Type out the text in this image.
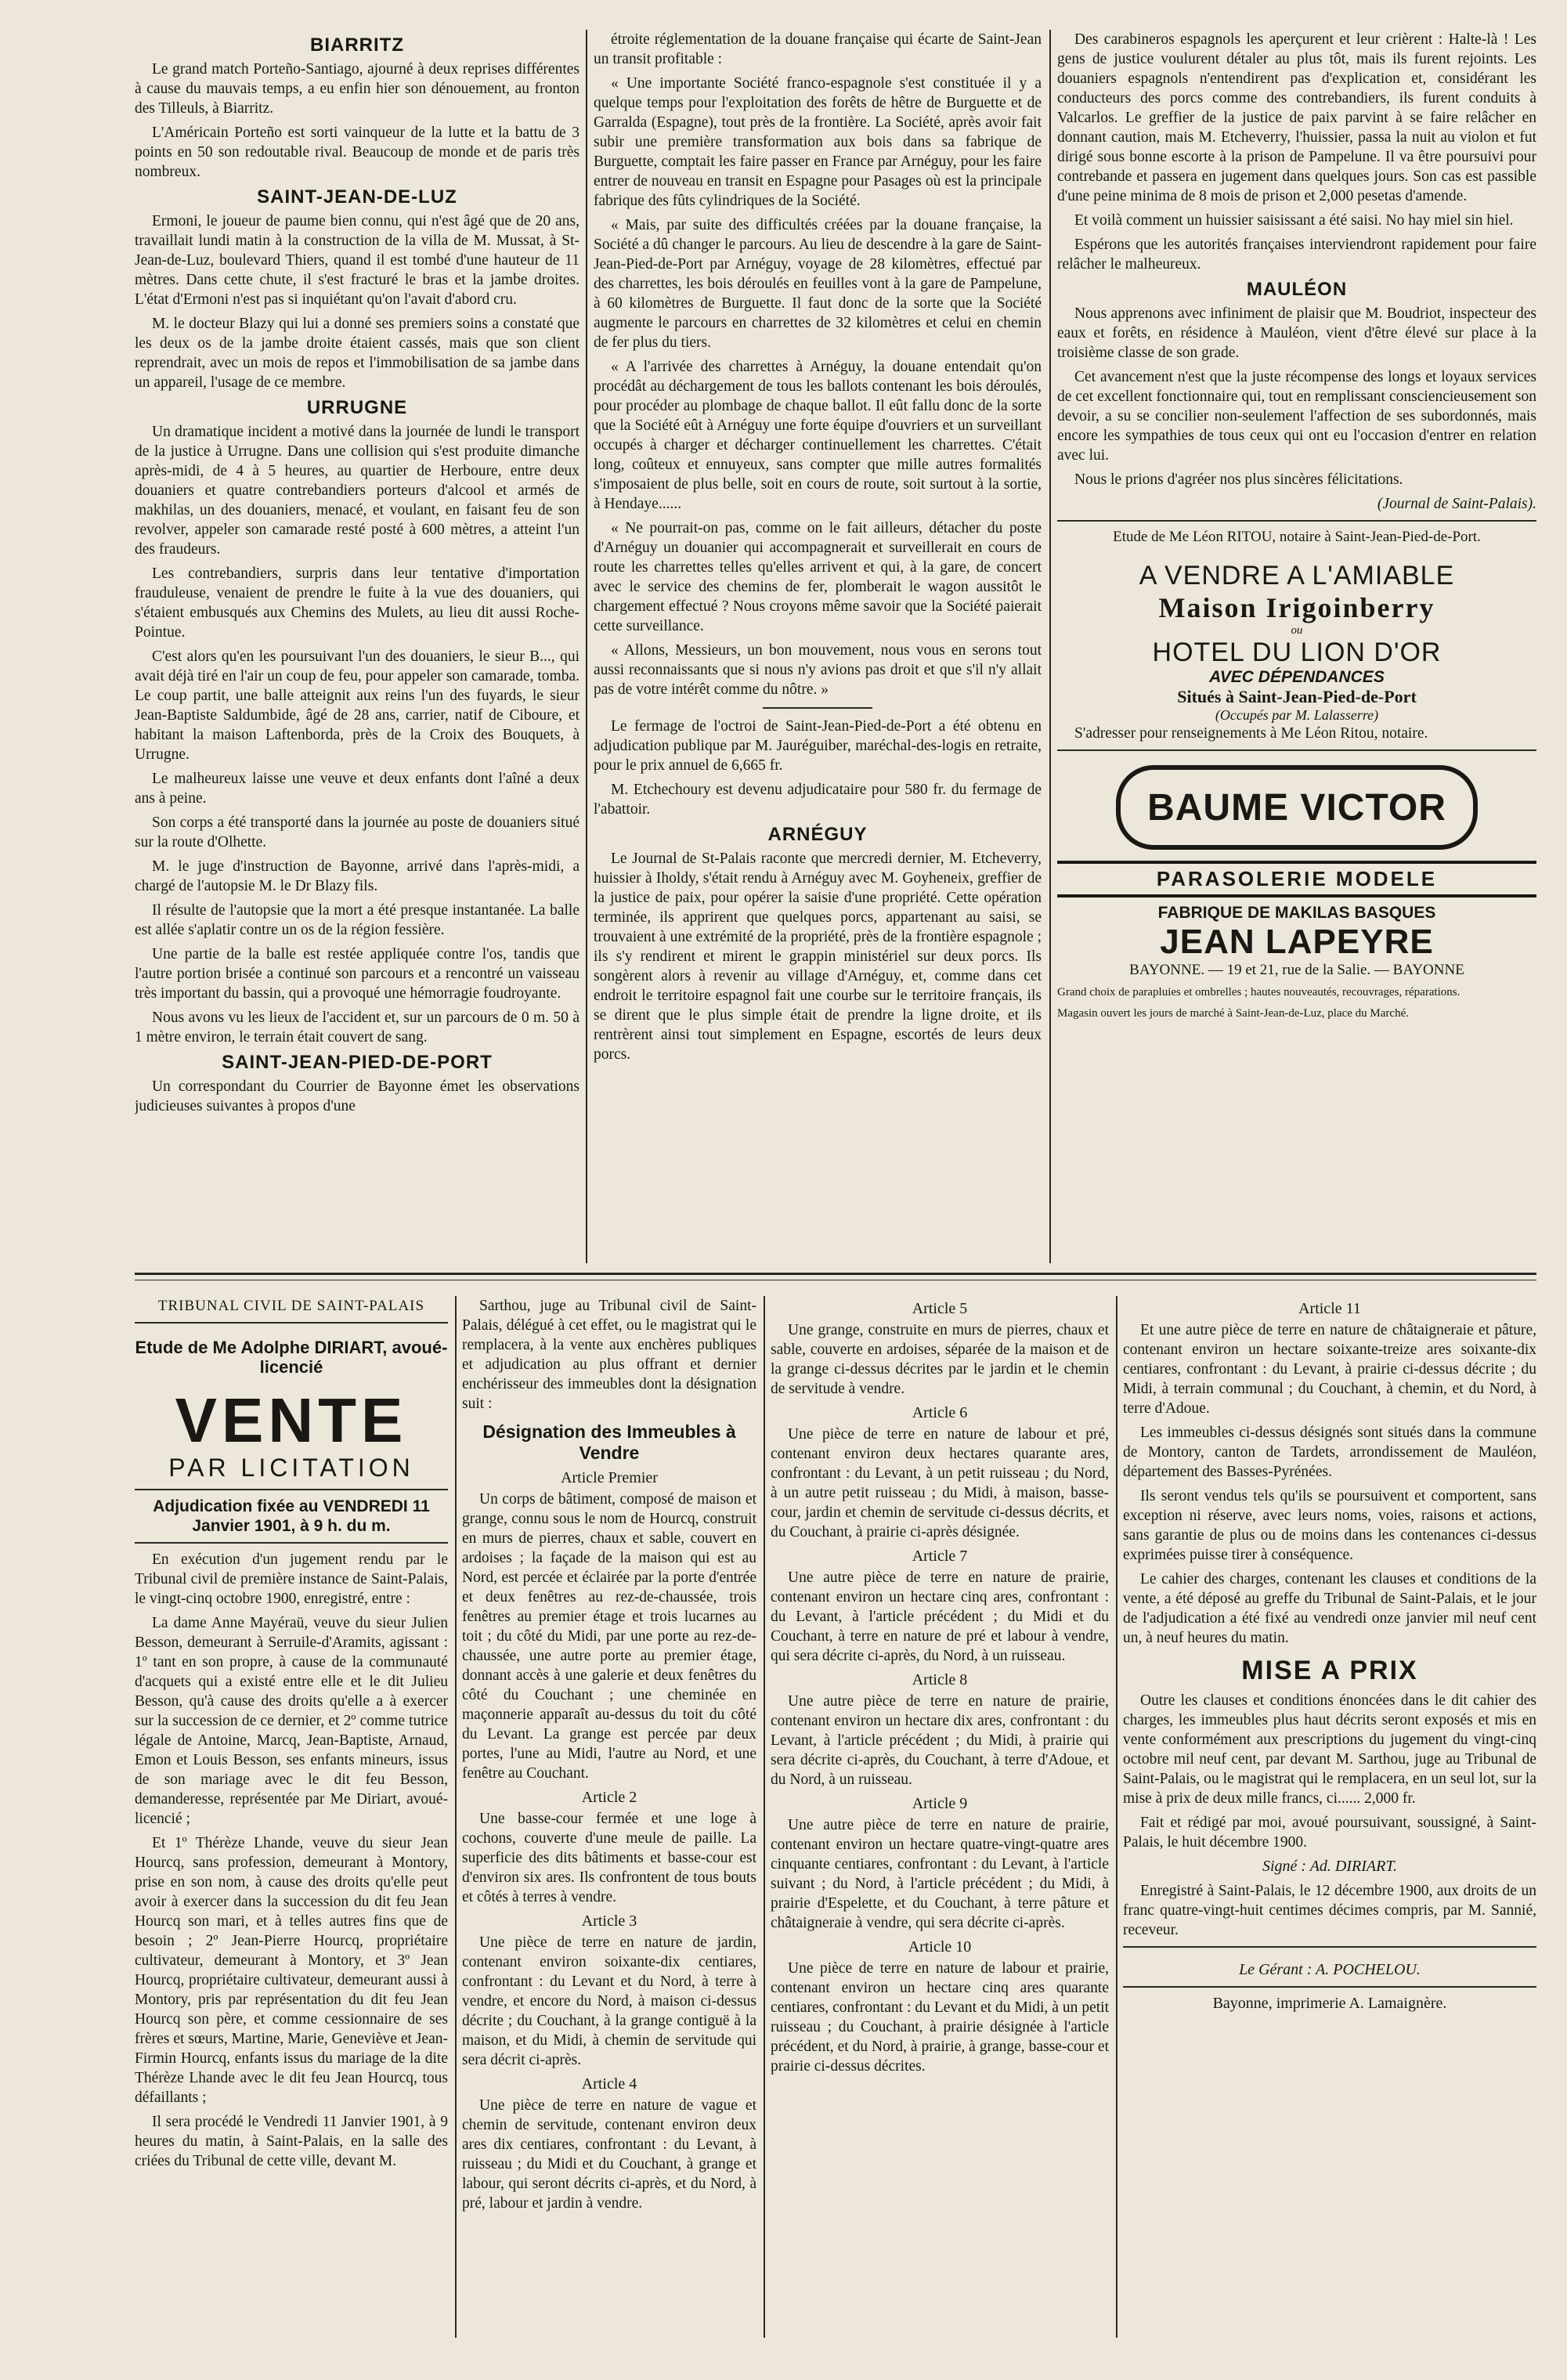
BIARRITZ

Le grand match Porteño-Santiago, ajourné à deux reprises différentes à cause du mauvais temps, a eu enfin hier son dénouement, au fronton des Tilleuls, à Biarritz.

L'Américain Porteño est sorti vainqueur de la lutte et la battu de 3 points en 50 son redoutable rival. Beaucoup de monde et de paris très nombreux.

SAINT-JEAN-DE-LUZ

Ermoni, le joueur de paume bien connu, qui n'est âgé que de 20 ans, travaillait lundi matin à la construction de la villa de M. Mussat, à St-Jean-de-Luz, boulevard Thiers, quand il est tombé d'une hauteur de 11 mètres. Dans cette chute, il s'est fracturé le bras et la jambe droites. L'état d'Ermoni n'est pas si inquiétant qu'on l'avait d'abord cru.

M. le docteur Blazy qui lui a donné ses premiers soins a constaté que les deux os de la jambe droite étaient cassés, mais que son client reprendrait, avec un mois de repos et l'immobilisation de sa jambe dans un appareil, l'usage de ce membre.

URRUGNE

Un dramatique incident a motivé dans la journée de lundi le transport de la justice à Urrugne. Dans une collision qui s'est produite dimanche après-midi, de 4 à 5 heures, au quartier de Herboure, entre deux douaniers et quatre contrebandiers porteurs d'alcool et armés de makhilas, un des douaniers, menacé, et voulant, en faisant feu de son revolver, appeler son camarade resté posté à 600 mètres, a atteint l'un des fraudeurs.

Les contrebandiers, surpris dans leur tentative d'importation frauduleuse, venaient de prendre le fuite à la vue des douaniers, qui s'étaient embusqués aux Chemins des Mulets, au lieu dit aussi Roche-Pointue.

C'est alors qu'en les poursuivant l'un des douaniers, le sieur B..., qui avait déjà tiré en l'air un coup de feu, pour appeler son camarade, tomba. Le coup partit, une balle atteignit aux reins l'un des fuyards, le sieur Jean-Baptiste Saldumbide, âgé de 28 ans, carrier, natif de Ciboure, et habitant la maison Laftenborda, près de la Croix des Bouquets, à Urrugne.

Le malheureux laisse une veuve et deux enfants dont l'aîné a deux ans à peine.

Son corps a été transporté dans la journée au poste de douaniers situé sur la route d'Olhette.

M. le juge d'instruction de Bayonne, arrivé dans l'après-midi, a chargé de l'autopsie M. le Dr Blazy fils.

Il résulte de l'autopsie que la mort a été presque instantanée. La balle est allée s'aplatir contre un os de la région fessière.

Une partie de la balle est restée appliquée contre l'os, tandis que l'autre portion brisée a continué son parcours et a rencontré un vaisseau très important du bassin, qui a provoqué une hémorragie foudroyante.

Nous avons vu les lieux de l'accident et, sur un parcours de 0 m. 50 à 1 mètre environ, le terrain était couvert de sang.

SAINT-JEAN-PIED-DE-PORT

Un correspondant du Courrier de Bayonne émet les observations judicieuses suivantes à propos d'une

étroite réglementation de la douane française qui écarte de Saint-Jean un transit profitable :

« Une importante Société franco-espagnole s'est constituée il y a quelque temps pour l'exploitation des forêts de hêtre de Burguette et de Garralda (Espagne), tout près de la frontière. La Société, après avoir fait subir une première transformation aux bois dans sa fabrique de Burguette, comptait les faire passer en France par Arnéguy, pour les faire entrer de nouveau en transit en Espagne pour Pasages où est la principale fabrique des fûts cylindriques de la Société.

« Mais, par suite des difficultés créées par la douane française, la Société a dû changer le parcours. Au lieu de descendre à la gare de Saint-Jean-Pied-de-Port par Arnéguy, voyage de 28 kilomètres, effectué par des charrettes, les bois déroulés en feuilles vont à la gare de Pampelune, à 60 kilomètres de Burguette. Il faut donc de la sorte que la Société augmente le parcours en charrettes de 32 kilomètres et celui en chemin de fer plus du tiers.

« A l'arrivée des charrettes à Arnéguy, la douane entendait qu'on procédât au déchargement de tous les ballots contenant les bois déroulés, pour procéder au plombage de chaque ballot. Il eût fallu donc de la sorte que la Société eût à Arnéguy une forte équipe d'ouvriers et un surveillant occupés à charger et décharger continuellement les charrettes. C'était long, coûteux et ennuyeux, sans compter que mille autres formalités s'imposaient de plus belle, soit en cours de route, soit surtout à la sortie, à Hendaye......

« Ne pourrait-on pas, comme on le fait ailleurs, détacher du poste d'Arnéguy un douanier qui accompagnerait et surveillerait en cours de route les charrettes telles qu'elles arrivent et qui, à la gare, de concert avec le service des chemins de fer, plomberait le wagon aussitôt le chargement effectué ? Nous croyons même savoir que la Société paierait cette surveillance.

« Allons, Messieurs, un bon mouvement, nous vous en serons tout aussi reconnaissants que si nous n'y avions pas droit et que s'il n'y allait pas de votre intérêt comme du nôtre. »

Le fermage de l'octroi de Saint-Jean-Pied-de-Port a été obtenu en adjudication publique par M. Jauréguiber, maréchal-des-logis en retraite, pour le prix annuel de 6,665 fr.

M. Etchechoury est devenu adjudicataire pour 580 fr. du fermage de l'abattoir.

ARNÉGUY

Le Journal de St-Palais raconte que mercredi dernier, M. Etcheverry, huissier à Iholdy, s'était rendu à Arnéguy avec M. Goyheneix, greffier de la justice de paix, pour opérer la saisie d'une propriété. Cette opération terminée, ils apprirent que quelques porcs, appartenant au saisi, se trouvaient à une extrémité de la propriété, près de la frontière espagnole ; ils s'y rendirent et mirent le grappin ministériel sur deux porcs. Ils songèrent alors à revenir au village d'Arnéguy, et, comme dans cet endroit le territoire espagnol fait une courbe sur le territoire français, ils se dirent que le plus simple était de prendre la ligne droite, et ils rentrèrent ainsi tout simplement en Espagne, escortés de leurs deux porcs.

Des carabineros espagnols les aperçurent et leur crièrent : Halte-là ! Les gens de justice voulurent détaler au plus tôt, mais ils furent rejoints. Les douaniers espagnols n'entendirent pas d'explication et, considérant les conducteurs des porcs comme des contrebandiers, ils furent conduits à Valcarlos. Le greffier de la justice de paix parvint à se faire relâcher en donnant caution, mais M. Etcheverry, l'huissier, passa la nuit au violon et fut dirigé sous bonne escorte à la prison de Pampelune. Il va être poursuivi pour contrebande et passera en jugement dans quelques jours. Son cas est passible d'une peine minima de 8 mois de prison et 2,000 pesetas d'amende.

Et voilà comment un huissier saisissant a été saisi. No hay miel sin hiel.

Espérons que les autorités françaises interviendront rapidement pour faire relâcher le malheureux.

MAULÉON

Nous apprenons avec infiniment de plaisir que M. Boudriot, inspecteur des eaux et forêts, en résidence à Mauléon, vient d'être élevé sur place à la troisième classe de son grade.

Cet avancement n'est que la juste récompense des longs et loyaux services de cet excellent fonctionnaire qui, tout en remplissant consciencieusement son devoir, a su se concilier non-seulement l'affection de ses subordonnés, mais encore les sympathies de tous ceux qui ont eu l'occasion d'entrer en relation avec lui.

Nous le prions d'agréer nos plus sincères félicitations.

(Journal de Saint-Palais).

Etude de Me Léon RITOU, notaire à Saint-Jean-Pied-de-Port.
A VENDRE A L'AMIABLE
Maison Irigoinberry
ou
HOTEL DU LION D'OR
AVEC DÉPENDANCES
Situés à Saint-Jean-Pied-de-Port
(Occupés par M. Lalasserre)

S'adresser pour renseignements à Me Léon Ritou, notaire.

BAUME VICTOR
PARASOLERIE MODELE
FABRIQUE DE MAKILAS BASQUES
JEAN LAPEYRE
BAYONNE. — 19 et 21, rue de la Salie. — BAYONNE

Grand choix de parapluies et ombrelles ; hautes nouveautés, recouvrages, réparations.

Magasin ouvert les jours de marché à Saint-Jean-de-Luz, place du Marché.

TRIBUNAL CIVIL DE SAINT-PALAIS

Etude de Me Adolphe DIRIART, avoué-licencié

VENTE
PAR LICITATION

Adjudication fixée au VENDREDI 11 Janvier 1901, à 9 h. du m.

En exécution d'un jugement rendu par le Tribunal civil de première instance de Saint-Palais, le vingt-cinq octobre 1900, enregistré, entre :

La dame Anne Mayéraü, veuve du sieur Julien Besson, demeurant à Serruile-d'Aramits, agissant : 1º tant en son propre, à cause de la communauté d'acquets qui a existé entre elle et le dit Julieu Besson, qu'à cause des droits qu'elle a à exercer sur la succession de ce dernier, et 2º comme tutrice légale de Antoine, Marcq, Jean-Baptiste, Arnaud, Emon et Louis Besson, ses enfants mineurs, issus de son mariage avec le dit feu Besson, demanderesse, représentée par Me Diriart, avoué-licencié ;

Et 1º Thérèze Lhande, veuve du sieur Jean Hourcq, sans profession, demeurant à Montory, prise en son nom, à cause des droits qu'elle peut avoir à exercer dans la succession du dit feu Jean Hourcq son mari, et à telles autres fins que de besoin ; 2º Jean-Pierre Hourcq, propriétaire cultivateur, demeurant à Montory, et 3º Jean Hourcq, propriétaire cultivateur, demeurant aussi à Montory, pris par représentation du dit feu Jean Hourcq son père, et comme cessionnaire de ses frères et sœurs, Martine, Marie, Geneviève et Jean-Firmin Hourcq, enfants issus du mariage de la dite Thérèze Lhande avec le dit feu Jean Hourcq, tous défaillants ;

Il sera procédé le Vendredi 11 Janvier 1901, à 9 heures du matin, à Saint-Palais, en la salle des criées du Tribunal de cette ville, devant M.

Sarthou, juge au Tribunal civil de Saint-Palais, délégué à cet effet, ou le magistrat qui le remplacera, à la vente aux enchères publiques et adjudication au plus offrant et dernier enchérisseur des immeubles dont la désignation suit :

Désignation des Immeubles à Vendre

Article Premier

Un corps de bâtiment, composé de maison et grange, connu sous le nom de Hourcq, construit en murs de pierres, chaux et sable, couvert en ardoises ; la façade de la maison qui est au Nord, est percée et éclairée par la porte d'entrée et deux fenêtres au rez-de-chaussée, trois fenêtres au premier étage et trois lucarnes au toit ; du côté du Midi, par une porte au rez-de-chaussée, une autre porte au premier étage, donnant accès à une galerie et deux fenêtres du côté du Couchant ; une cheminée en maçonnerie apparaît au-dessus du toit du côté du Levant. La grange est percée par deux portes, l'une au Midi, l'autre au Nord, et une fenêtre au Couchant.

Article 2

Une basse-cour fermée et une loge à cochons, couverte d'une meule de paille. La superficie des dits bâtiments et basse-cour est d'environ six ares. Ils confrontent de tous bouts et côtés à terres à vendre.

Article 3

Une pièce de terre en nature de jardin, contenant environ soixante-dix centiares, confrontant : du Levant et du Nord, à terre à vendre, et encore du Nord, à maison ci-dessus décrite ; du Couchant, à la grange contiguë à la maison, et du Midi, à chemin de servitude qui sera décrit ci-après.

Article 4

Une pièce de terre en nature de vague et chemin de servitude, contenant environ deux ares dix centiares, confrontant : du Levant, à ruisseau ; du Midi et du Couchant, à grange et labour, qui seront décrits ci-après, et du Nord, à pré, labour et jardin à vendre.

Article 5

Une grange, construite en murs de pierres, chaux et sable, couverte en ardoises, séparée de la maison et de la grange ci-dessus décrites par le jardin et le chemin de servitude à vendre.

Article 6

Une pièce de terre en nature de labour et pré, contenant environ deux hectares quarante ares, confrontant : du Levant, à un petit ruisseau ; du Nord, à un autre petit ruisseau ; du Midi, à maison, basse-cour, jardin et chemin de servitude ci-dessus décrits, et du Couchant, à prairie ci-après désignée.

Article 7

Une autre pièce de terre en nature de prairie, contenant environ un hectare cinq ares, confrontant : du Levant, à l'article précédent ; du Midi et du Couchant, à terre en nature de pré et labour à vendre, qui sera décrite ci-après, du Nord, à un ruisseau.

Article 8

Une autre pièce de terre en nature de prairie, contenant environ un hectare dix ares, confrontant : du Levant, à l'article précédent ; du Midi, à prairie qui sera décrite ci-après, du Couchant, à terre d'Adoue, et du Nord, à un ruisseau.

Article 9

Une autre pièce de terre en nature de prairie, contenant environ un hectare quatre-vingt-quatre ares cinquante centiares, confrontant : du Levant, à l'article suivant ; du Nord, à l'article précédent ; du Midi, à prairie d'Espelette, et du Couchant, à terre pâture et châtaigneraie à vendre, qui sera décrite ci-après.

Article 10

Une pièce de terre en nature de labour et prairie, contenant environ un hectare cinq ares quarante centiares, confrontant : du Levant et du Midi, à un petit ruisseau ; du Couchant, à prairie désignée à l'article précédent, et du Nord, à prairie, à grange, basse-cour et prairie ci-dessus décrites.

Article 11

Et une autre pièce de terre en nature de châtaigneraie et pâture, contenant environ un hectare soixante-treize ares soixante-dix centiares, confrontant : du Levant, à prairie ci-dessus décrite ; du Midi, à terrain communal ; du Couchant, à chemin, et du Nord, à terre d'Adoue.

Les immeubles ci-dessus désignés sont situés dans la commune de Montory, canton de Tardets, arrondissement de Mauléon, département des Basses-Pyrénées.

Ils seront vendus tels qu'ils se poursuivent et comportent, sans exception ni réserve, avec leurs noms, voies, raisons et actions, sans garantie de plus ou de moins dans les contenances ci-dessus exprimées puisse tirer à conséquence.

Le cahier des charges, contenant les clauses et conditions de la vente, a été déposé au greffe du Tribunal de Saint-Palais, et le jour de l'adjudication a été fixé au vendredi onze janvier mil neuf cent un, à neuf heures du matin.

MISE A PRIX

Outre les clauses et conditions énoncées dans le dit cahier des charges, les immeubles plus haut décrits seront exposés et mis en vente conformément aux prescriptions du jugement du vingt-cinq octobre mil neuf cent, par devant M. Sarthou, juge au Tribunal de Saint-Palais, ou le magistrat qui le remplacera, en un seul lot, sur la mise à prix de deux mille francs, ci...... 2,000 fr.

Fait et rédigé par moi, avoué poursuivant, soussigné, à Saint-Palais, le huit décembre 1900.

Signé : Ad. DIRIART.

Enregistré à Saint-Palais, le 12 décembre 1900, aux droits de un franc quatre-vingt-huit centimes décimes compris, par M. Sannié, receveur.

Le Gérant : A. POCHELOU.

Bayonne, imprimerie A. Lamaignère.
